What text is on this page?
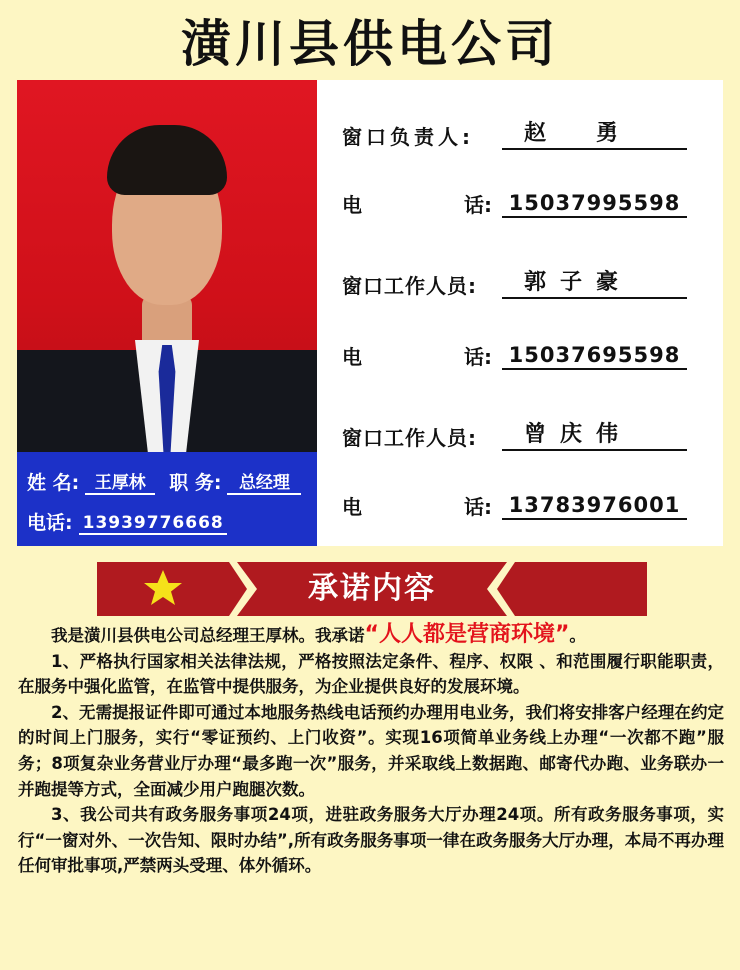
潢川县供电公司
姓 名: 王厚林	职 务:	总经理
电话: 13939776668
窗口负责人:	赵　勇
电	话: 15037995598
窗口工作人员:	郭子豪
电	话: 15037695598
窗口工作人员:	曾庆伟
电	话: 13783976001
承诺内容

我是潢川县供电公司总经理王厚林。我承诺“人人都是营商环境”。

1、严格执行国家相关法律法规，严格按照法定条件、程序、权限 、和范围履行职能职责，在服务中强化监管，在监管中提供服务，为企业提供良好的发展环境。

2、无需提报证件即可通过本地服务热线电话预约办理用电业务，我们将安排客户经理在约定的时间上门服务，实行“零证预约、上门收资”。实现16项简单业务线上办理“一次都不跑”服务；8项复杂业务营业厅办理“最多跑一次”服务，并采取线上数据跑、邮寄代办跑、业务联办一并跑提等方式，全面减少用户跑腿次数。

3、我公司共有政务服务事项24项，进驻政务服务大厅办理24项。所有政务服务事项，实行“一窗对外、一次告知、限时办结”,所有政务服务事项一律在政务服务大厅办理，本局不再办理任何审批事项,严禁两头受理、体外循环。
